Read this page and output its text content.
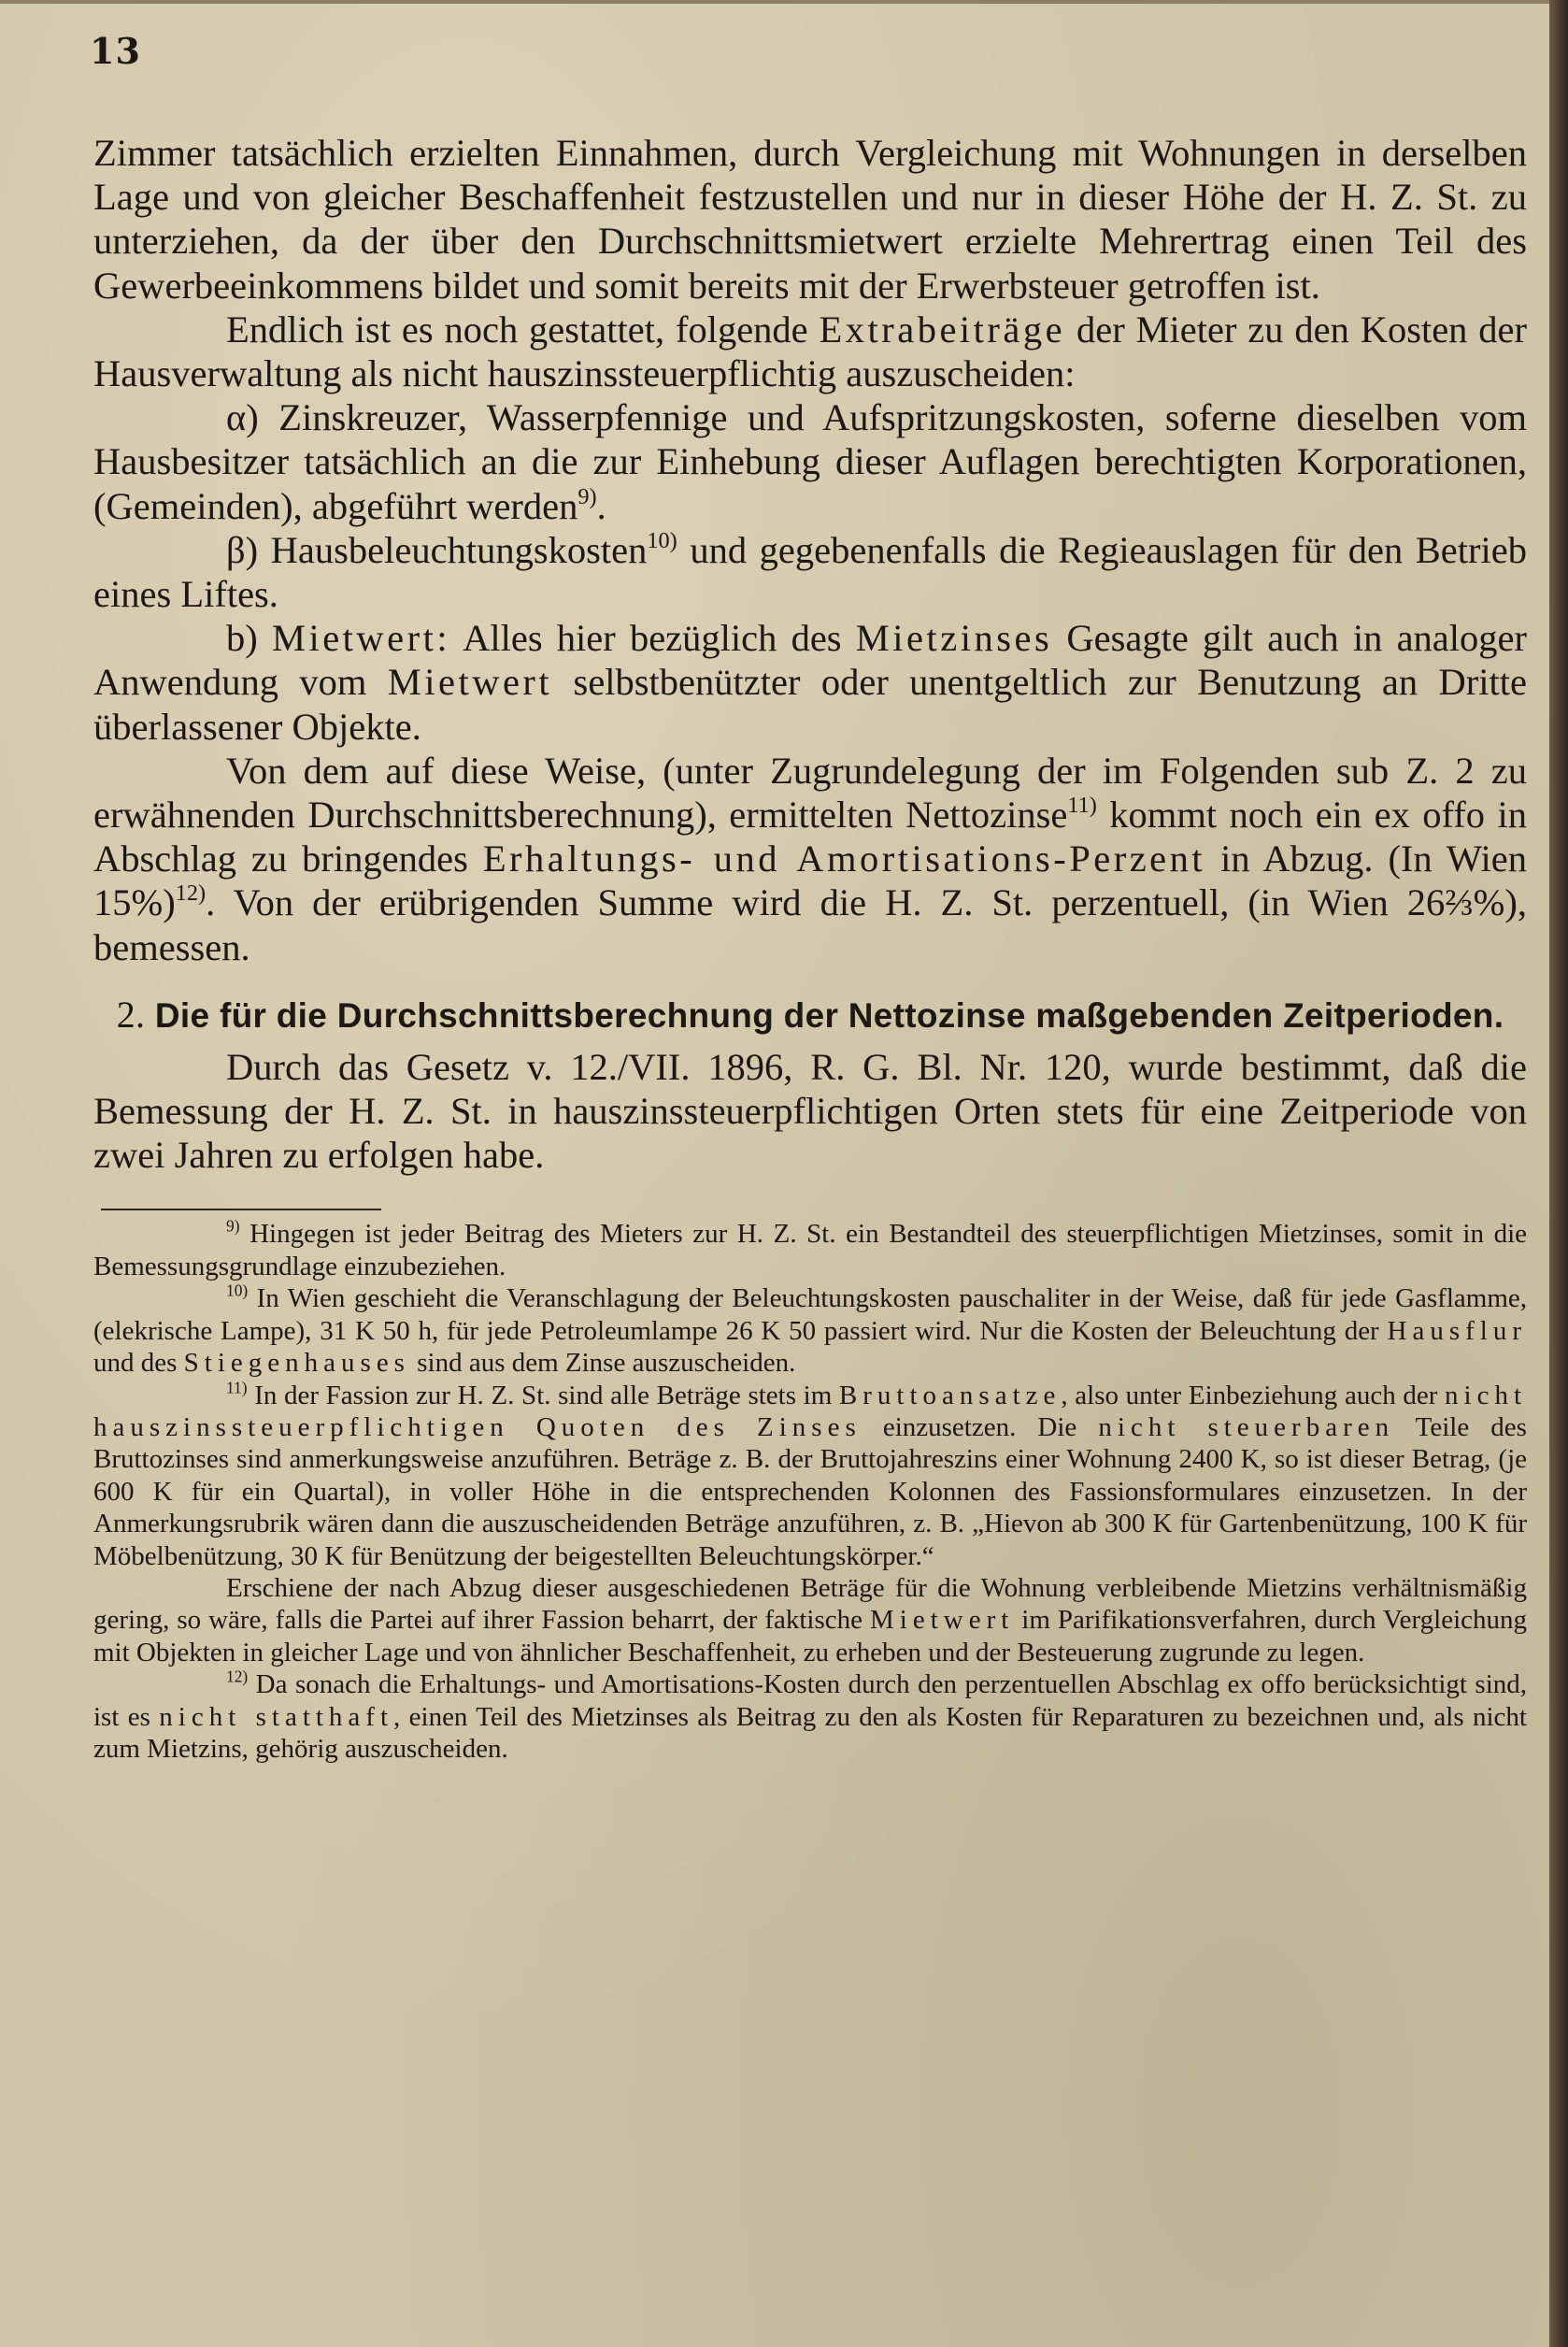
13

Zimmer tatsächlich erzielten Einnahmen, durch Vergleichung mit Wohnungen in derselben Lage und von gleicher Beschaffenheit festzustellen und nur in dieser Höhe der H. Z. St. zu unterziehen, da der über den Durchschnittsmietwert erzielte Mehrertrag einen Teil des Gewerbeeinkommens bildet und somit bereits mit der Erwerbsteuer getroffen ist.

Endlich ist es noch gestattet, folgende Extrabeiträge der Mieter zu den Kosten der Hausverwaltung als nicht hauszinssteuerpflichtig auszuscheiden:

α) Zinskreuzer, Wasserpfennige und Aufspritzungskosten, soferne dieselben vom Hausbesitzer tatsächlich an die zur Einhebung dieser Auflagen berechtigten Korporationen, (Gemeinden), abgeführt werden$^{9)}$.

β) Hausbeleuchtungskosten$^{10)}$ und gegebenenfalls die Regieauslagen für den Betrieb eines Liftes.

b) Mietwert: Alles hier bezüglich des Mietzinses Gesagte gilt auch in analoger Anwendung vom Mietwert selbstbenützter oder unentgeltlich zur Benutzung an Dritte überlassener Objekte.

Von dem auf diese Weise, (unter Zugrundelegung der im Folgenden sub Z. 2 zu erwähnenden Durchschnittsberechnung), ermittelten Nettozinse$^{11)}$ kommt noch ein ex offo in Abschlag zu bringendes Erhaltungs- und Amortisations-Perzent in Abzug. (In Wien 15%)$^{12)}$. Von der erübrigenden Summe wird die H. Z. St. perzentuell, (in Wien 26⅔%), bemessen.

2. Die für die Durchschnittsberechnung der Nettozinse maßgebenden Zeitperioden.

Durch das Gesetz v. 12./VII. 1896, R. G. Bl. Nr. 120, wurde bestimmt, daß die Bemessung der H. Z. St. in hauszinssteuerpflichtigen Orten stets für eine Zeitperiode von zwei Jahren zu erfolgen habe.

$^{9)}$ Hingegen ist jeder Beitrag des Mieters zur H. Z. St. ein Bestandteil des steuerpflichtigen Mietzinses, somit in die Bemessungsgrundlage einzubeziehen.

$^{10)}$ In Wien geschieht die Veranschlagung der Beleuchtungskosten pauschaliter in der Weise, daß für jede Gasflamme, (elekrische Lampe), 31 K 50 h, für jede Petroleumlampe 26 K 50 passiert wird. Nur die Kosten der Beleuchtung der Hausflur und des Stiegenhauses sind aus dem Zinse auszuscheiden.

$^{11)}$ In der Fassion zur H. Z. St. sind alle Beträge stets im Bruttoansatze, also unter Einbeziehung auch der nicht hauszinssteuerpflichtigen Quoten des Zinses einzusetzen. Die nicht steuerbaren Teile des Bruttozinses sind anmerkungsweise anzuführen. Beträge z. B. der Bruttojahreszins einer Wohnung 2400 K, so ist dieser Betrag, (je 600 K für ein Quartal), in voller Höhe in die entsprechenden Kolonnen des Fassionsformulares einzusetzen. In der Anmerkungsrubrik wären dann die auszuscheidenden Beträge anzuführen, z. B. „Hievon ab 300 K für Gartenbenützung, 100 K für Möbelbenützung, 30 K für Benützung der beigestellten Beleuchtungskörper.“

Erschiene der nach Abzug dieser ausgeschiedenen Beträge für die Wohnung verbleibende Mietzins verhältnismäßig gering, so wäre, falls die Partei auf ihrer Fassion beharrt, der faktische Mietwert im Parifikationsverfahren, durch Vergleichung mit Objekten in gleicher Lage und von ähnlicher Beschaffenheit, zu erheben und der Besteuerung zugrunde zu legen.

$^{12)}$ Da sonach die Erhaltungs- und Amortisations-Kosten durch den perzentuellen Abschlag ex offo berücksichtigt sind, ist es nicht statthaft, einen Teil des Mietzinses als Beitrag zu den als Kosten für Reparaturen zu bezeichnen und, als nicht zum Mietzins, gehörig auszuscheiden.
